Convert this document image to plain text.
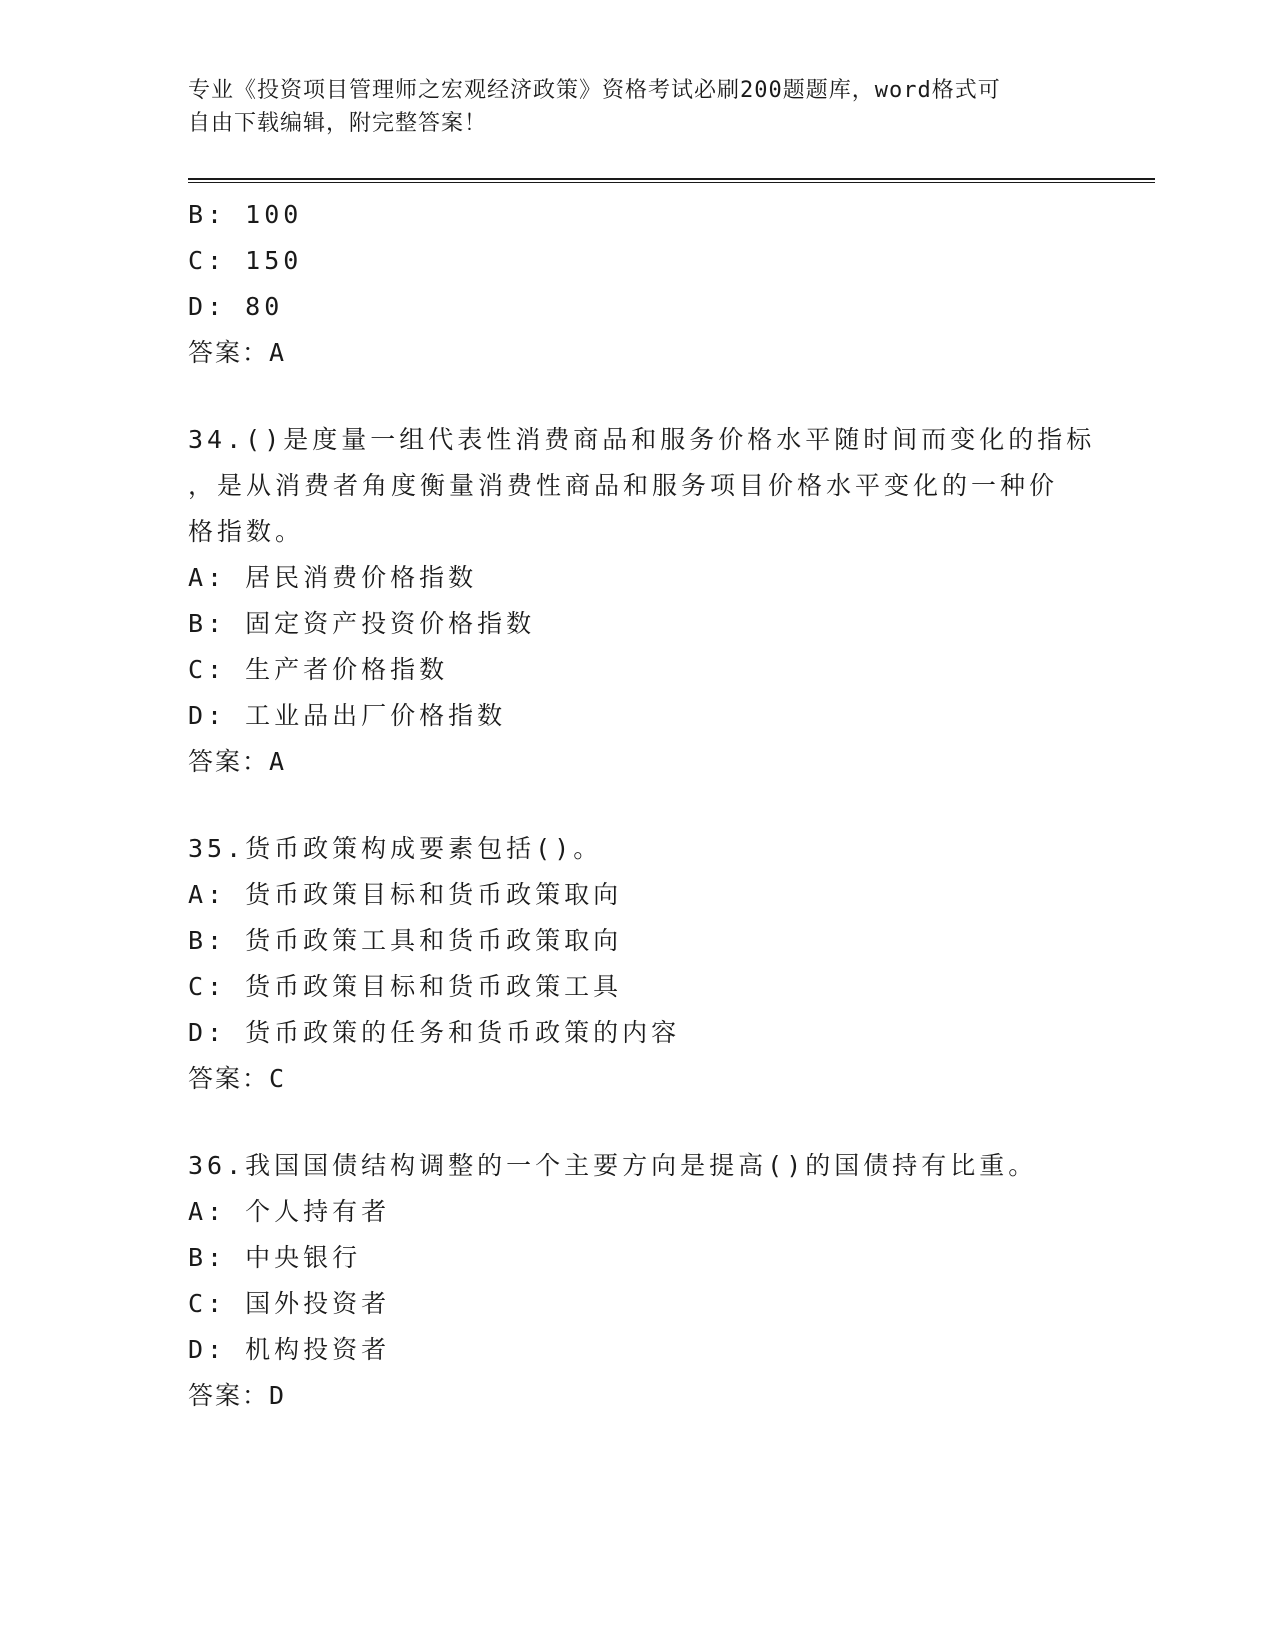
专业《投资项目管理师之宏观经济政策》资格考试必刷200题题库，word格式可
自由下载编辑，附完整答案！
B: 100
C: 150
D: 80
答案：A
34.()是度量一组代表性消费商品和服务价格水平随时间而变化的指标
，是从消费者角度衡量消费性商品和服务项目价格水平变化的一种价
格指数。
A: 居民消费价格指数
B: 固定资产投资价格指数
C: 生产者价格指数
D: 工业品出厂价格指数
答案：A
35.货币政策构成要素包括()。
A: 货币政策目标和货币政策取向
B: 货币政策工具和货币政策取向
C: 货币政策目标和货币政策工具
D: 货币政策的任务和货币政策的内容
答案：C
36.我国国债结构调整的一个主要方向是提高()的国债持有比重。
A: 个人持有者
B: 中央银行
C: 国外投资者
D: 机构投资者
答案：D
